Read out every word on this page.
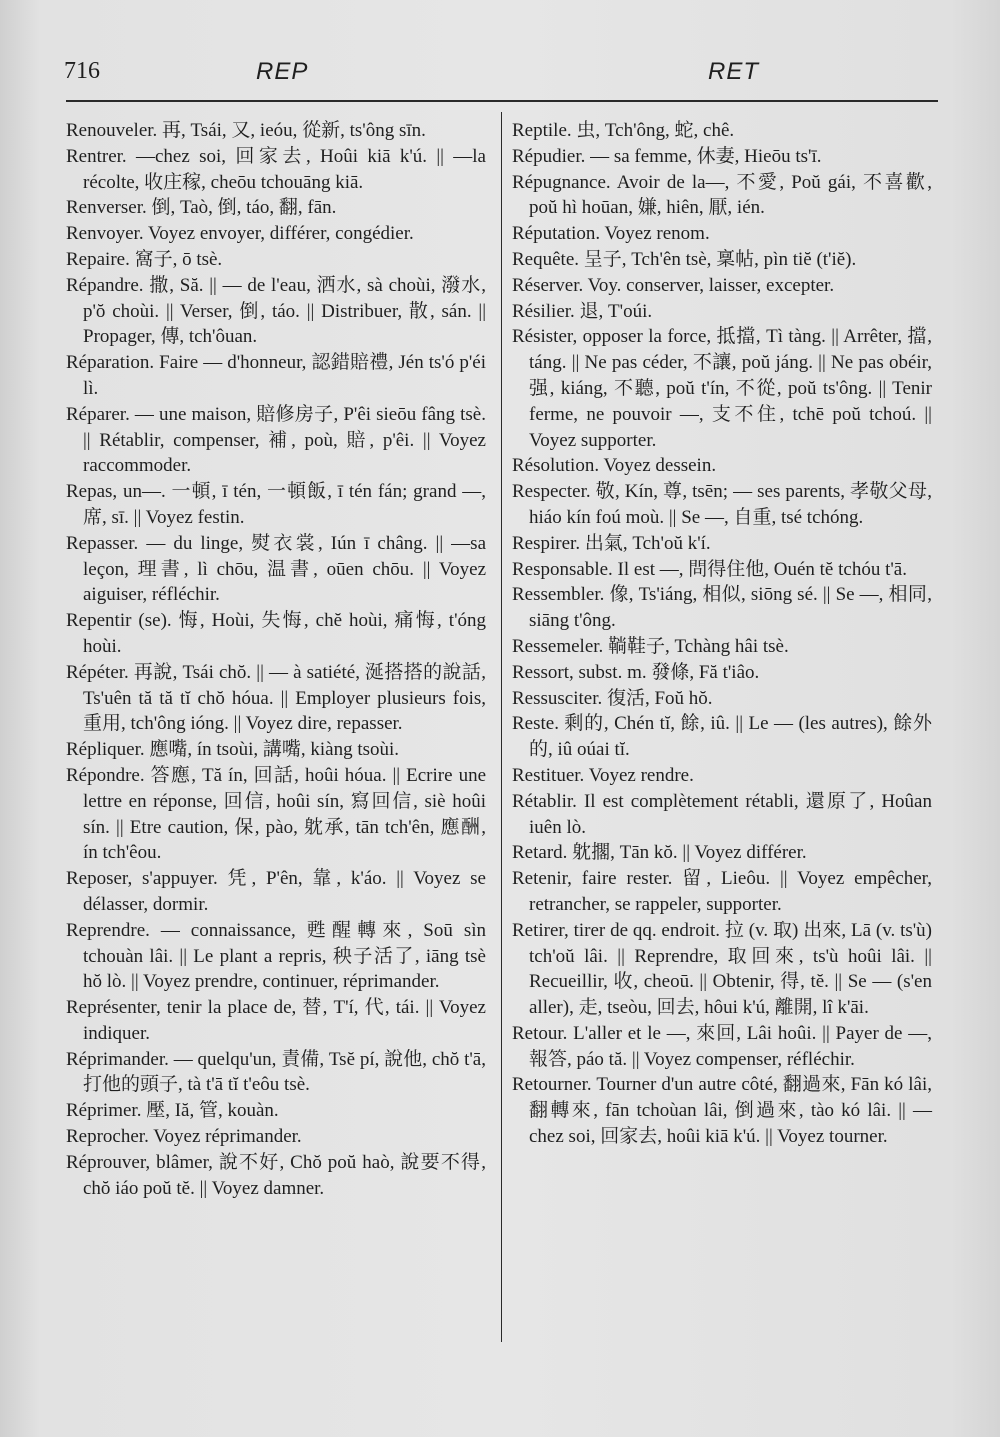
716	REP	RET

Renouveler. 再, Tsái, 又, ieóu, 從新, ts'ông sīn.

Rentrer. —chez soi, 回家去, Hoûi kiā k'ú. || —la récolte, 收庄稼, cheōu tchouāng kiā.

Renverser. 倒, Taò, 倒, táo, 翻, fān.

Renvoyer. Voyez envoyer, différer, congédier.

Repaire. 窩子, ō tsè.

Répandre. 撒, Să. || — de l'eau, 洒水, sà choùi, 潑水, p'ŏ choùi. || Verser, 倒, táo. || Distribuer, 散, sán. || Propager, 傳, tch'ôuan.

Réparation. Faire — d'honneur, 認錯賠禮, Jén ts'ó p'éi lì.

Réparer. — une maison, 賠修房子, P'êi sieōu fâng tsè. || Rétablir, compenser, 補, poù, 賠, p'êi. || Voyez raccommoder.

Repas, un—. 一頓, ī tén, 一頓飯, ī tén fán; grand —, 席, sī. || Voyez festin.

Repasser. — du linge, 熨衣裳, Iún ī châng. || —sa leçon, 理書, lì chōu, 温書, oūen chōu. || Voyez aiguiser, réfléchir.

Repentir (se). 悔, Hoùi, 失悔, chĕ hoùi, 痛悔, t'óng hoùi.

Répéter. 再說, Tsái chŏ. || — à satiété, 涎搭搭的說話, Ts'uên tă tă tĭ chŏ hóua. || Employer plusieurs fois, 重用, tch'ông ióng. || Voyez dire, repasser.

Répliquer. 應嘴, ín tsoùi, 講嘴, kiàng tsoùi.

Répondre. 答應, Tă ín, 回話, hoûi hóua. || Ecrire une lettre en réponse, 回信, hoûi sín, 寫回信, siè hoûi sín. || Etre caution, 保, pào, 躭承, tān tch'ên, 應酬, ín tch'êou.

Reposer, s'appuyer. 凭, P'ên, 靠, k'áo. || Voyez se délasser, dormir.

Reprendre. — connaissance, 甦醒轉來, Soū sìn tchouàn lâi. || Le plant a repris, 秧子活了, iāng tsè hŏ lò. || Voyez prendre, continuer, réprimander.

Représenter, tenir la place de, 替, T'í, 代, tái. || Voyez indiquer.

Réprimander. — quelqu'un, 責備, Tsĕ pí, 說他, chŏ t'ā, 打他的頭子, tà t'ā tĭ t'eôu tsè.

Réprimer. 壓, Iă, 管, kouàn.

Reprocher. Voyez réprimander.

Réprouver, blâmer, 說不好, Chŏ poŭ haò, 說要不得, chŏ iáo poŭ tĕ. || Voyez damner.

Reptile. 虫, Tch'ông, 蛇, chê.

Répudier. — sa femme, 休妻, Hieōu ts'ī.

Répugnance. Avoir de la—, 不愛, Poŭ gái, 不喜歡, poŭ hì hoūan, 嫌, hiên, 厭, ién.

Réputation. Voyez renom.

Requête. 呈子, Tch'ên tsè, 稟帖, pìn tiĕ (t'iĕ).

Réserver. Voy. conserver, laisser, excepter.

Résilier. 退, T'oúi.

Résister, opposer la force, 抵擋, Tì tàng. || Arrêter, 擋, táng. || Ne pas céder, 不讓, poŭ jáng. || Ne pas obéir, 强, kiáng, 不聽, poŭ t'ín, 不從, poŭ ts'ông. || Tenir ferme, ne pouvoir —, 支不住, tchē poŭ tchoú. || Voyez supporter.

Résolution. Voyez dessein.

Respecter. 敬, Kín, 尊, tsēn; — ses parents, 孝敬父母, hiáo kín foú moù. || Se —, 自重, tsé tchóng.

Respirer. 出氣, Tch'oŭ k'í.

Responsable. Il est —, 問得住他, Ouén tĕ tchóu t'ā.

Ressembler. 像, Ts'iáng, 相似, siōng sé. || Se —, 相同, siāng t'ông.

Ressemeler. 鞝鞋子, Tchàng hâi tsè.

Ressort, subst. m. 發條, Fă t'iâo.

Ressusciter. 復活, Foŭ hŏ.

Reste. 剩的, Chén tĭ, 餘, iû. || Le — (les autres), 餘外的, iû oúai tĭ.

Restituer. Voyez rendre.

Rétablir. Il est complètement rétabli, 還原了, Hoûan iuên lò.

Retard. 躭擱, Tān kŏ. || Voyez différer.

Retenir, faire rester. 留, Lieôu. || Voyez empêcher, retrancher, se rappeler, supporter.

Retirer, tirer de qq. endroit. 拉 (v. 取) 出來, Lā (v. ts'ù) tch'oŭ lâi. || Reprendre, 取回來, ts'ù hoûi lâi. || Recueillir, 收, cheoū. || Obtenir, 得, tĕ. || Se — (s'en aller), 走, tseòu, 回去, hôui k'ú, 離開, lî k'āi.

Retour. L'aller et le —, 來回, Lâi hoûi. || Payer de —, 報答, páo tă. || Voyez compenser, réfléchir.

Retourner. Tourner d'un autre côté, 翻過來, Fān kó lâi, 翻轉來, fān tchoùan lâi, 倒過來, tào kó lâi. || — chez soi, 回家去, hoûi kiā k'ú. || Voyez tourner.
